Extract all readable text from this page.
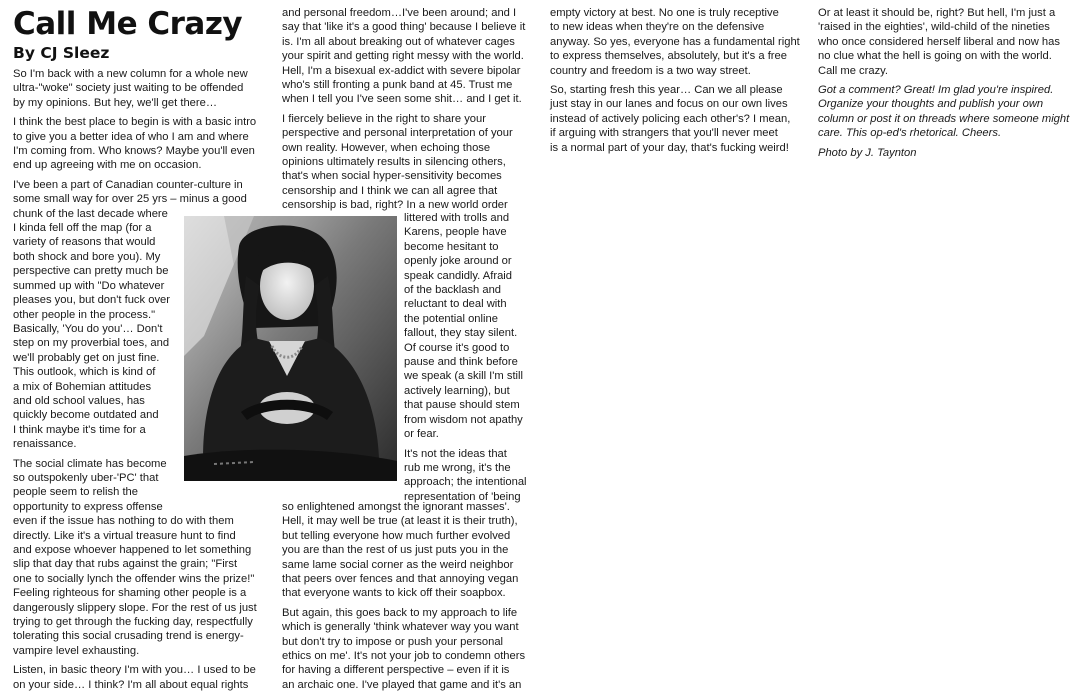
Call Me Crazy
By CJ Sleez
So I'm back with a new column for a whole new
ultra-"woke" society just waiting to be offended
by my opinions. But hey, we'll get there…
I think the best place to begin is with a basic intro
to give you a better idea of who I am and where
I'm coming from. Who knows? Maybe you'll even
end up agreeing with me on occasion.
I've been a part of Canadian counter-culture in
some small way for over 25 yrs – minus a good
chunk of the last decade where
I kinda fell off the map (for a
variety of reasons that would
both shock and bore you). My
perspective can pretty much be
summed up with "Do whatever
pleases you, but don't fuck over
other people in the process."
Basically, 'You do you'… Don't
step on my proverbial toes, and
we'll probably get on just fine.
This outlook, which is kind of
a mix of Bohemian attitudes
and old school values, has
quickly become outdated and
I think maybe it's time for a
renaissance.
The social climate has become
so outspokenly uber-'PC' that
people seem to relish the
opportunity to express offense
even if the issue has nothing to do with them
directly. Like it's a virtual treasure hunt to find
and expose whoever happened to let something
slip that day that rubs against the grain; "First
one to socially lynch the offender wins the prize!"
Feeling righteous for shaming other people is a
dangerously slippery slope. For the rest of us just
trying to get through the fucking day, respectfully
tolerating this social crusading trend is energy-
vampire level exhausting.
Listen, in basic theory I'm with you… I used to be
on your side… I think? I'm all about equal rights
and personal freedom…I've been around; and I
say that 'like it's a good thing' because I believe it
is. I'm all about breaking out of whatever cages
your spirit and getting right messy with the world.
Hell, I'm a bisexual ex-addict with severe bipolar
who's still fronting a punk band at 45. Trust me
when I tell you I've seen some shit… and I get it.
I fiercely believe in the right to share your
perspective and personal interpretation of your
own reality. However, when echoing those
opinions ultimately results in silencing others,
that's when social hyper-sensitivity becomes
censorship and I think we can all agree that
censorship is bad, right? In a new world order
littered with trolls and
Karens, people have
become hesitant to
openly joke around or
speak candidly. Afraid
of the backlash and
reluctant to deal with
the potential online
fallout, they stay silent.
Of course it's good to
pause and think before
we speak (a skill I'm still
actively learning), but
that pause should stem
from wisdom not apathy
or fear.
It's not the ideas that
rub me wrong, it's the
approach; the intentional
representation of 'being
so enlightened amongst the ignorant masses'.
Hell, it may well be true (at least it is their truth),
but telling everyone how much further evolved
you are than the rest of us just puts you in the
same lame social corner as the weird neighbor
that peers over fences and that annoying vegan
that everyone wants to kick off their soapbox.
But again, this goes back to my approach to life
which is generally 'think whatever way you want
but don't try to impose or push your personal
ethics on me'. It's not your job to condemn others
for having a different perspective – even if it is
an archaic one. I've played that game and it's an
empty victory at best. No one is truly receptive
to new ideas when they're on the defensive
anyway. So yes, everyone has a fundamental right
to express themselves, absolutely, but it's a free
country and freedom is a two way street.
So, starting fresh this year… Can we all please
just stay in our lanes and focus on our own lives
instead of actively policing each other's? I mean,
if arguing with strangers that you'll never meet
is a normal part of your day, that's fucking weird!
Or at least it should be, right? But hell, I'm just a
'raised in the eighties', wild-child of the nineties
who once considered herself liberal and now has
no clue what the hell is going on with the world.
Call me crazy.
Got a comment? Great! Im glad you're inspired.
Organize your thoughts and publish your own
column or post it on threads where someone might
care. This op-ed's rhetorical. Cheers.
Photo by J. Taynton
